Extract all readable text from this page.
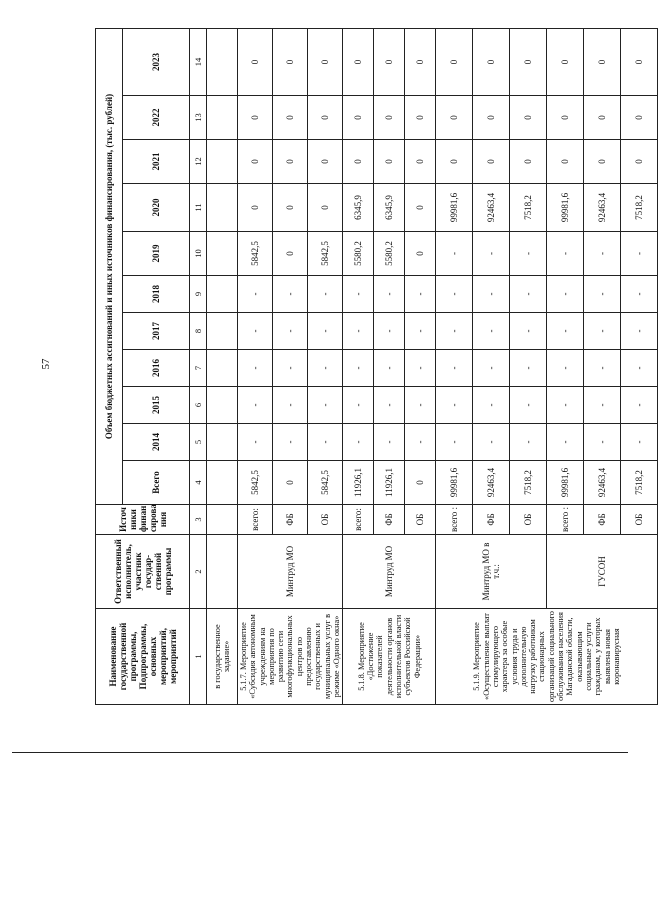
57
Наименование государственной программы, Подпрограммы, основных мероприятий, мероприятий	Ответственный исполнитель, участник государ-ственной программы	Источ ники финан сирова ния	Объем бюджетных ассигнований и иных источников финансирования, (тыс. рублей)										
			Всего	2014	2015	2016	2017	2018	2019	2020	2021	2022	2023
1	2	3	4	5	6	7	8	9	10	11	12	13	14
в государственное задание»													
5.1.7. Мероприятие «Субсидия автономным учреждениям на мероприятия по развитию сети многофункциональных центров по предоставлению государственных и муниципальных услуг в режиме «Одного окна»	Минтруд МО	всего:	5842,5	-	-	-	-	-	5842,5	0	0	0	0
		ФБ	0	-	-	-	-	-	0	0	0	0	0
		ОБ	5842,5	-	-	-	-	-	5842,5	0	0	0	0
5.1.8. Мероприятие «Достижение показателей деятельности органов исполнительной власти субъектов Российской Федерации»	Минтруд МО	всего:	11926,1	-	-	-	-	-	5580,2	6345,9	0	0	0
		ФБ	11926,1	-	-	-	-	-	5580,2	6345,9	0	0	0
		ОБ	0	-	-	-	-	-	0	0	0	0	0
5.1.9. Мероприятие «Осуществление выплат стимулирующего характера за особые условия труда и дополнительную нагрузку работникам стационарных организаций социального обслуживания населения Магаданской области, оказывающим социальные услуги гражданам, у которых выявлена новая коронавирусная	Минтруд МО в т.ч.:	всего :	99981,6	-	-	-	-	-	-	99981,6	0	0	0
		ФБ	92463,4	-	-	-	-	-	-	92463,4	0	0	0
		ОБ	7518,2	-	-	-	-	-	-	7518,2	0	0	0
	ГУСОН	всего :	99981,6	-	-	-	-	-	-	99981,6	0	0	0
		ФБ	92463,4	-	-	-	-	-	-	92463,4	0	0	0
		ОБ	7518,2	-	-	-	-	-	-	7518,2	0	0	0
